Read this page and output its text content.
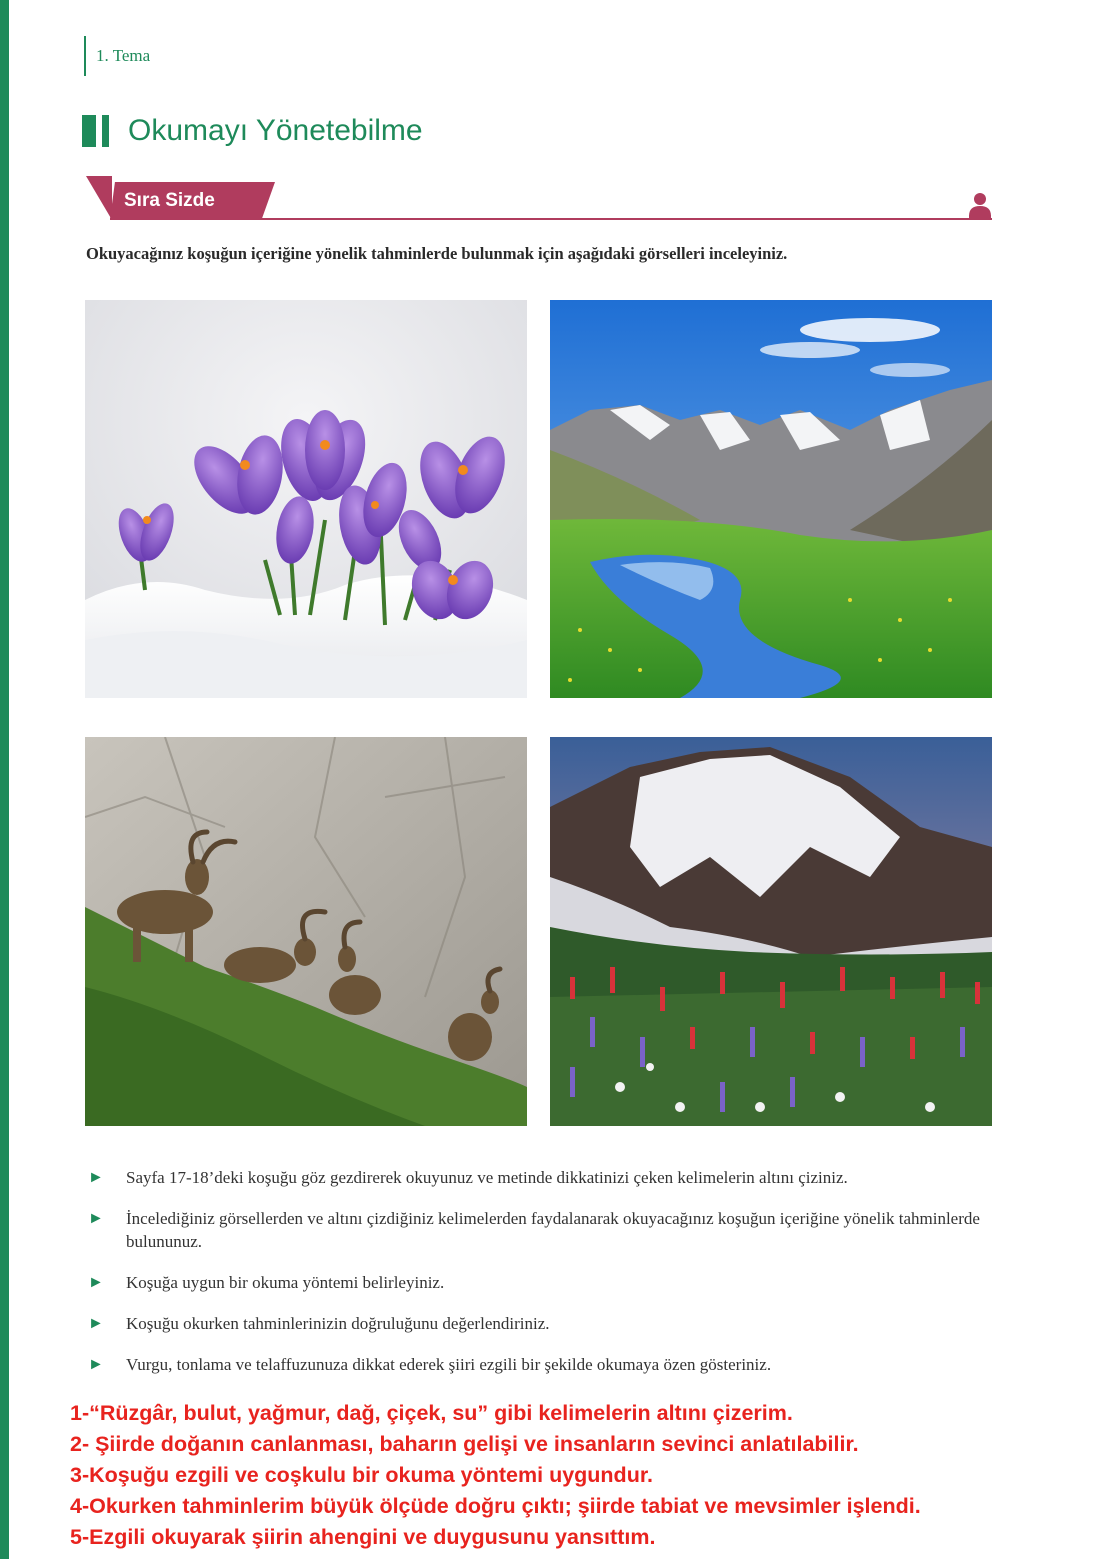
1. Tema
Okumayı Yönetebilme
Sıra Sizde
Okuyacağınız koşuğun içeriğine yönelik tahminlerde bulunmak için aşağıdaki görselleri inceleyiniz.
► Sayfa 17-18’deki koşuğu göz gezdirerek okuyunuz ve metinde dikkatinizi çeken kelimelerin altını çiziniz.
► İncelediğiniz görsellerden ve altını çizdiğiniz kelimelerden faydalanarak okuyacağınız koşuğun içeriğine yönelik tahminlerde bulununuz.
► Koşuğa uygun bir okuma yöntemi belirleyiniz.
► Koşuğu okurken tahminlerinizin doğruluğunu değerlendiriniz.
► Vurgu, tonlama ve telaffuzunuza dikkat ederek şiiri ezgili bir şekilde okumaya özen gösteriniz.
1-“Rüzgâr, bulut, yağmur, dağ, çiçek, su” gibi kelimelerin altını çizerim.
2- Şiirde doğanın canlanması, baharın gelişi ve insanların sevinci anlatılabilir.
3-Koşuğu ezgili ve coşkulu bir okuma yöntemi uygundur.
4-Okurken tahminlerim büyük ölçüde doğru çıktı; şiirde tabiat ve mevsimler işlendi.
5-Ezgili okuyarak şiirin ahengini ve duygusunu yansıttım.
